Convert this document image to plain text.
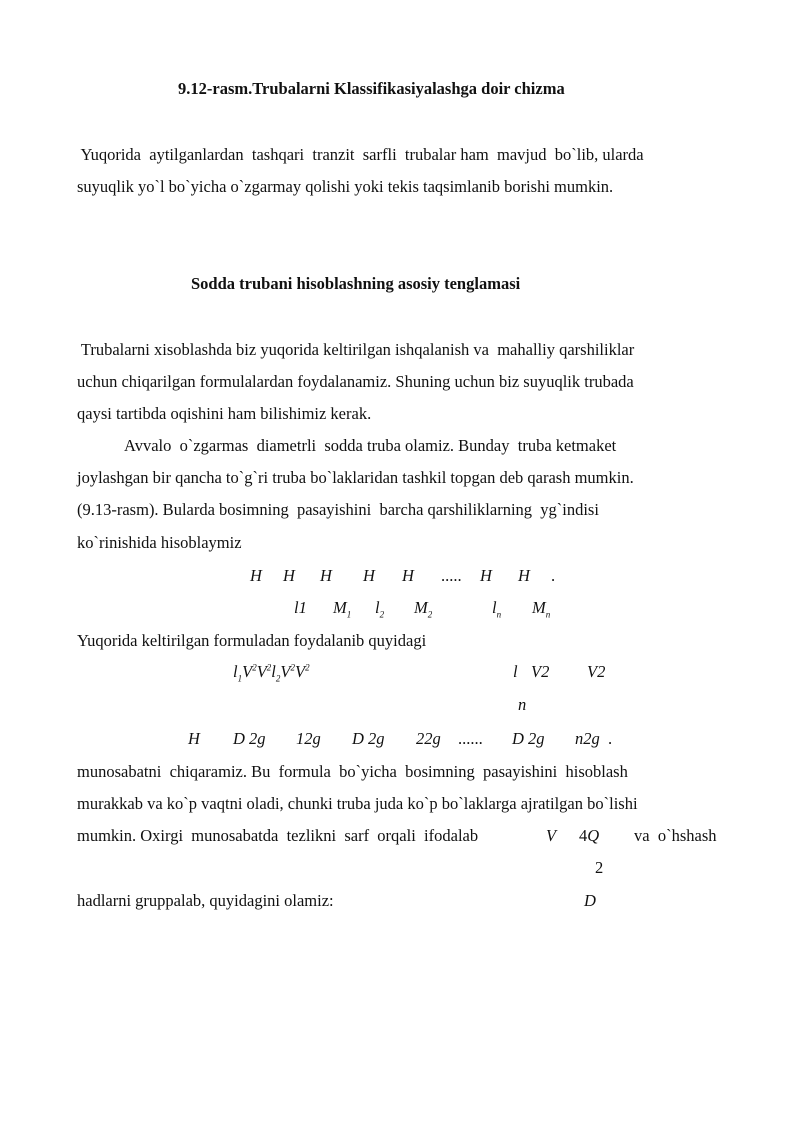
9.12-rasm.Trubalarni Klassifikasiyalashga doir chizma
Yuqorida  aytilganlardan  tashqari  tranzit  sarfli  trubalar ham  mavjud  bo`lib, ularda
suyuqlik yo`l bo`yicha o`zgarmay qolishi yoki tekis taqsimlanib borishi mumkin.
Sodda trubani hisoblashning asosiy tenglamasi
Trubalarni xisoblashda biz yuqorida keltirilgan ishqalanish va  mahalliy qarshiliklar
uchun chiqarilgan formulalardan foydalanamiz. Shuning uchun biz suyuqlik trubada
qaysi tartibda oqishini ham bilishimiz kerak.
Avvalo  o`zgarmas  diametrli  sodda truba olamiz. Bunday  truba ketmaket
joylashgan bir qancha to`g`ri truba bo`laklaridan tashkil topgan deb qarash mumkin.
(9.13-rasm). Bularda bosimning  pasayishini  barcha qarshiliklarning  yg`indisi
ko`rinishida hisoblaymiz
H H H H H ..... H H .
l1 $M_1$ $l_2$ $M_2$	$l_n$ $M_n$
Yuqorida keltirilgan formuladan foydalanib quyidagi
$l_1V^2V^2l_2V^2V^2$	l V2 V2
n
H D 2g 12g D 2g 22g ...... D 2g n2g .
munosabatni  chiqaramiz. Bu  formula  bo`yicha  bosimning  pasayishini  hisoblash
murakkab va ko`p vaqtni oladi, chunki truba juda ko`p bo`laklarga ajratilgan bo`lishi
mumkin. Oxirgi  munosabatda  tezlikni  sarf  orqali  ifodalab	V 4Q va  o`hshash
2
hadlarni gruppalab, quyidagini olamiz:	D
